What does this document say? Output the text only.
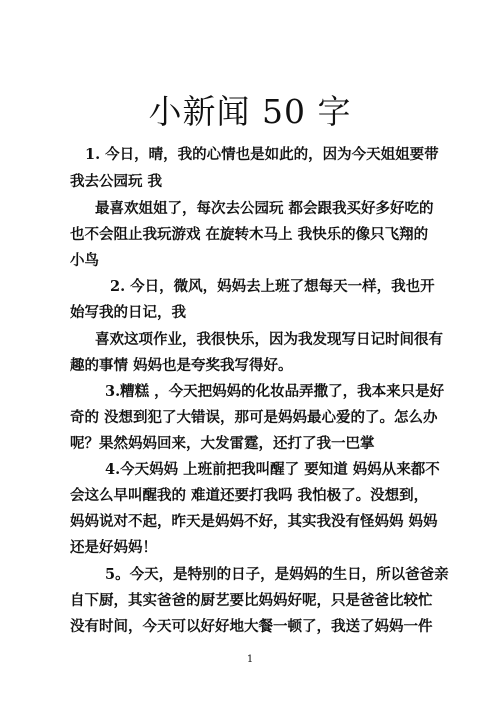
小新闻 50 字
1. 今日，晴，我的心情也是如此的，因为今天姐姐要带
我去公园玩 我
最喜欢姐姐了，每次去公园玩 都会跟我买好多好吃的
也不会阻止我玩游戏 在旋转木马上 我快乐的像只飞翔的
小鸟
2. 今日，微风，妈妈去上班了想每天一样，我也开
始写我的日记，我
喜欢这项作业，我很快乐，因为我发现写日记时间很有
趣的事情 妈妈也是夸奖我写得好。
3.糟糕 ，今天把妈妈的化妆品弄撒了，我本来只是好
奇的 没想到犯了大错误，那可是妈妈最心爱的了。怎么办
呢？果然妈妈回来，大发雷霆，还打了我一巴掌
4.今天妈妈 上班前把我叫醒了 要知道 妈妈从来都不
会这么早叫醒我的 难道还要打我吗 我怕极了。没想到，
妈妈说对不起，昨天是妈妈不好，其实我没有怪妈妈 妈妈
还是好妈妈！
5。今天，是特别的日子，是妈妈的生日，所以爸爸亲
自下厨，其实爸爸的厨艺要比妈妈好呢，只是爸爸比较忙
没有时间，今天可以好好地大餐一顿了，我送了妈妈一件
1
